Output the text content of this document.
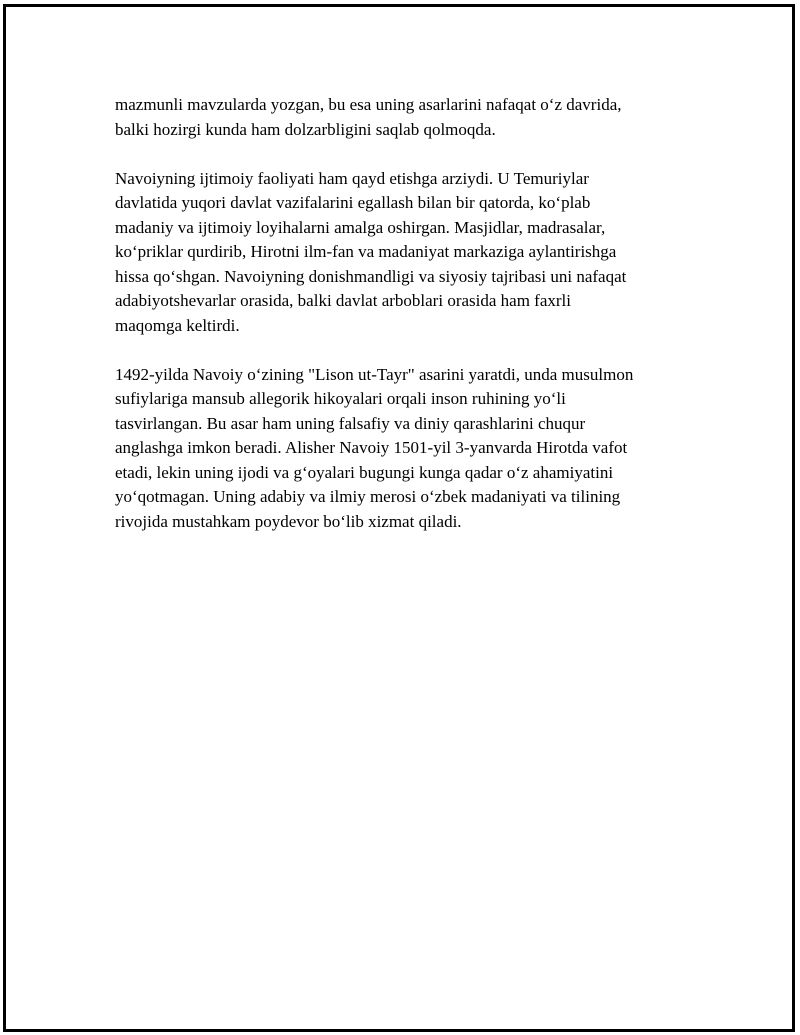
mazmunli mavzularda yozgan, bu esa uning asarlarini nafaqat o‘z davrida,
balki hozirgi kunda ham dolzarbligini saqlab qolmoqda.

Navoiyning ijtimoiy faoliyati ham qayd etishga arziydi. U Temuriylar
davlatida yuqori davlat vazifalarini egallash bilan bir qatorda, ko‘plab
madaniy va ijtimoiy loyihalarni amalga oshirgan. Masjidlar, madrasalar,
ko‘priklar qurdirib, Hirotni ilm-fan va madaniyat markaziga aylantirishga
hissa qo‘shgan. Navoiyning donishmandligi va siyosiy tajribasi uni nafaqat
adabiyotshevarlar orasida, balki davlat arboblari orasida ham faxrli
maqomga keltirdi.

1492-yilda Navoiy o‘zining "Lison ut-Tayr" asarini yaratdi, unda musulmon
sufiylariga mansub allegorik hikoyalari orqali inson ruhining yo‘li
tasvirlangan. Bu asar ham uning falsafiy va diniy qarashlarini chuqur
anglashga imkon beradi. Alisher Navoiy 1501-yil 3-yanvarda Hirotda vafot
etadi, lekin uning ijodi va g‘oyalari bugungi kunga qadar o‘z ahamiyatini
yo‘qotmagan. Uning adabiy va ilmiy merosi o‘zbek madaniyati va tilining
rivojida mustahkam poydevor bo‘lib xizmat qiladi.
